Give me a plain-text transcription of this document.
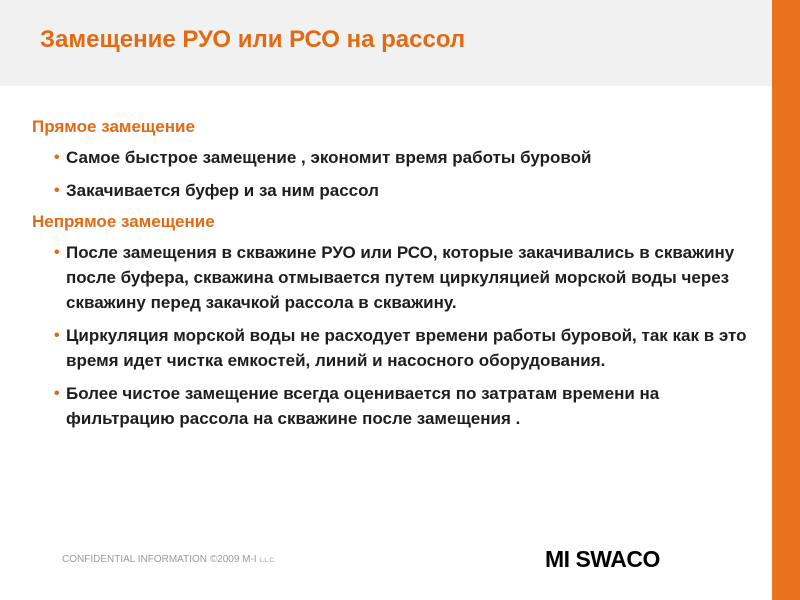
Замещение РУО или РСО на рассол
Прямое замещение
• Самое быстрое замещение , экономит время работы буровой
• Закачивается буфер и за ним рассол
Непрямое замещение
• После замещения в скважине РУО или РСО, которые закачивались в скважину после буфера, скважина отмывается путем циркуляцией морской воды через скважину перед закачкой рассола в скважину.
• Циркуляция морской воды не расходует времени работы буровой, так как в это время идет чистка емкостей, линий и насосного оборудования.
• Более чистое замещение всегда оценивается по затратам времени на фильтрацию рассола на скважине после замещения .
CONFIDENTIAL INFORMATION ©2009 M-I L.L.C.	MI SWACO
